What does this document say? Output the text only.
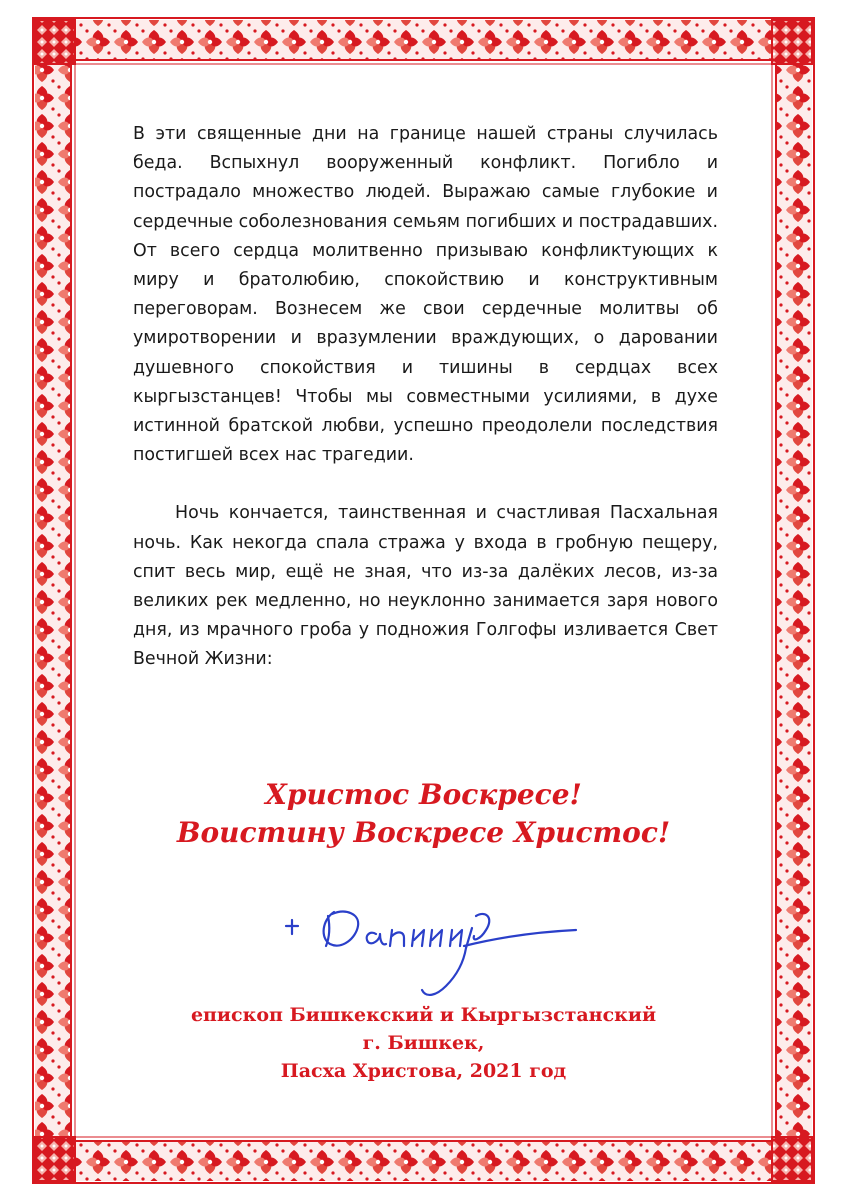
В эти священные дни на границе нашей страны случилась беда. Вспыхнул вооруженный конфликт. Погибло и пострадало множество людей. Выражаю самые глубокие и сердечные соболезнования семьям погибших и пострадавших. От всего сердца молитвенно призываю конфликтующих к миру и братолюбию, спокойствию и конструктивным переговорам. Вознесем же свои сердечные молитвы об умиротворении и вразумлении враждующих, о даровании душевного спокойствия и тишины в сердцах всех кыргызстанцев! Чтобы мы совместными усилиями, в духе истинной братской любви, успешно преодолели последствия постигшей всех нас трагедии.

Ночь кончается, таинственная и счастливая Пасхальная ночь. Как некогда спала стража у входа в гробную пещеру, спит весь мир, ещё не зная, что из-за далёких лесов, из-за великих рек медленно, но неуклонно занимается заря нового дня, из мрачного гроба у подножия Голгофы изливается Свет Вечной Жизни:

Христос Воскресе!
Воистину Воскресе Христос!
епископ Бишкекский и Кыргызстанский
г. Бишкек,
Пасха Христова, 2021 год
